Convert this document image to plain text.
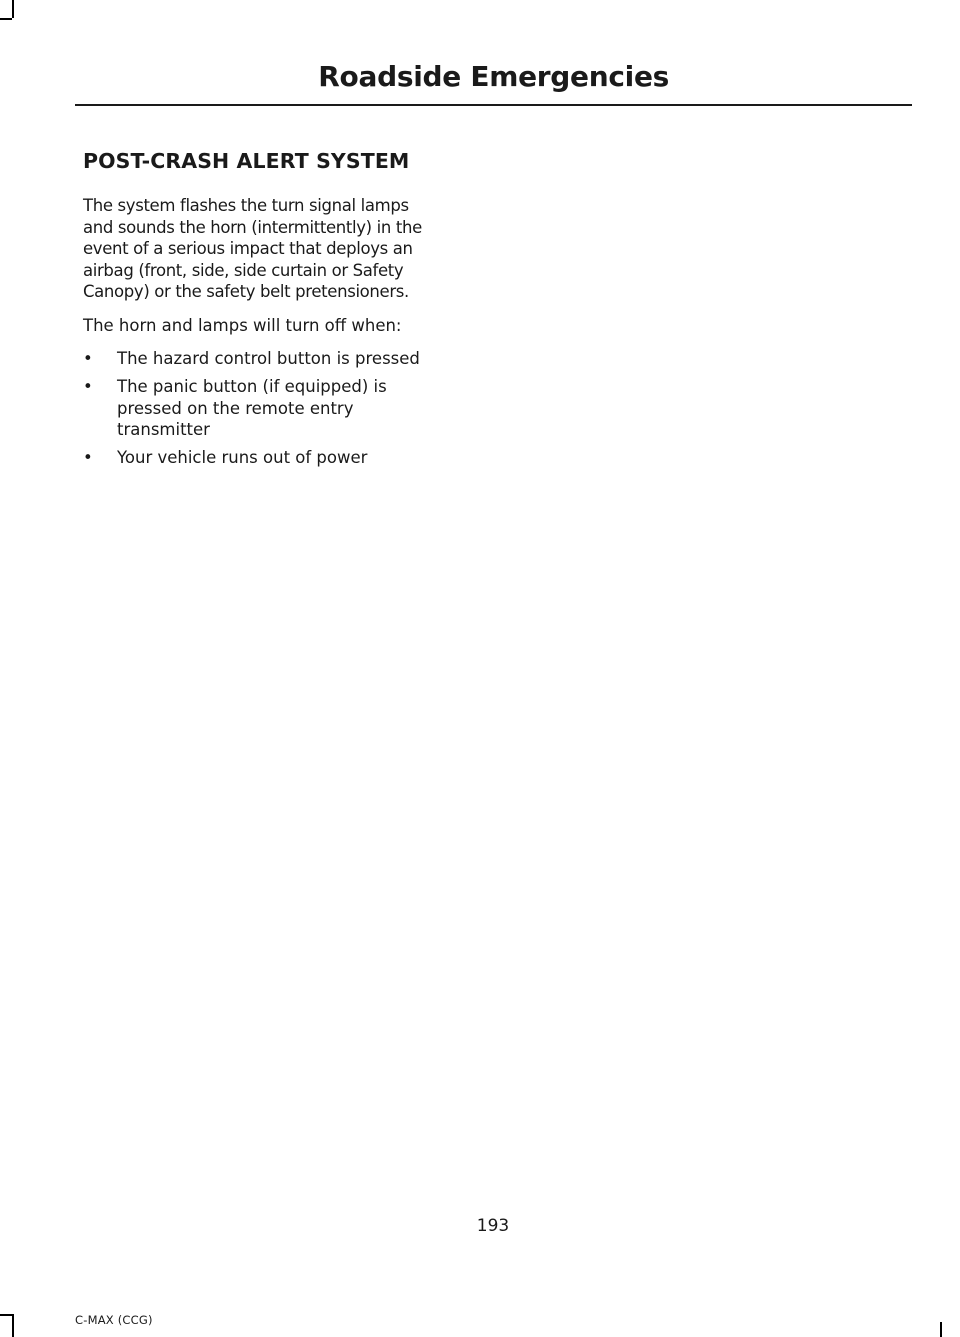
Roadside Emergencies
POST-CRASH ALERT SYSTEM

The system flashes the turn signal lamps
and sounds the horn (intermittently) in the
event of a serious impact that deploys an
airbag (front, side, side curtain or Safety
Canopy) or the safety belt pretensioners.

The horn and lamps will turn off when:

• The hazard control button is pressed
• The panic button (if equipped) is
pressed on the remote entry
transmitter
• Your vehicle runs out of power
193
C-MAX (CCG)
